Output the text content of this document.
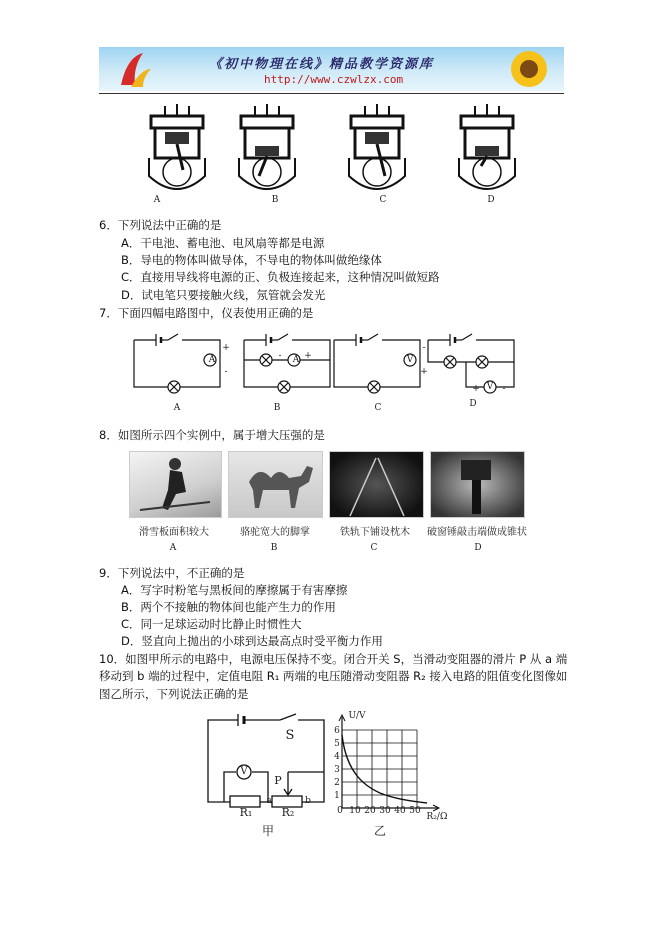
《初中物理在线》精品教学资源库
http://www.czwlzx.com
A	B	C	D
6．下列说法中正确的是
A．干电池、蓄电池、电风扇等都是电源
B．导电的物体叫做导体，不导电的物体叫做绝缘体
C．直接用导线将电源的正、负极连接起来，这种情况叫做短路
D．试电笔只要接触火线，氖管就会发光
7．下面四幅电路图中，仪表使用正确的是
A	A	V
V
+
-
-	+
-
+
+	-
A	B	C	D
8．如图所示四个实例中，属于增大压强的是
滑雪板面积较大	骆驼宽大的脚掌	铁轨下铺设枕木	破窗锤敲击端做成锥状
A	B	C	D
9．下列说法中，不正确的是
A．写字时粉笔与黑板间的摩擦属于有害摩擦
B．两个不接触的物体间也能产生力的作用
C．同一足球运动时比静止时惯性大
D．竖直向上抛出的小球到达最高点时受平衡力作用
10．如图甲所示的电路中，电源电压保持不变。闭合开关 S，当滑动变阻器的滑片 P 从 a 端
移动到 b 端的过程中，定值电阻 R₁ 两端的电压随滑动变阻器 R₂ 接入电路的阻值变化图像如
图乙所示，下列说法正确的是
S
V
P
R₁	R₂
a	b
甲
U/V
6
5
4
3
2
1
0 10 20 30 40 50
R₂/Ω
乙
